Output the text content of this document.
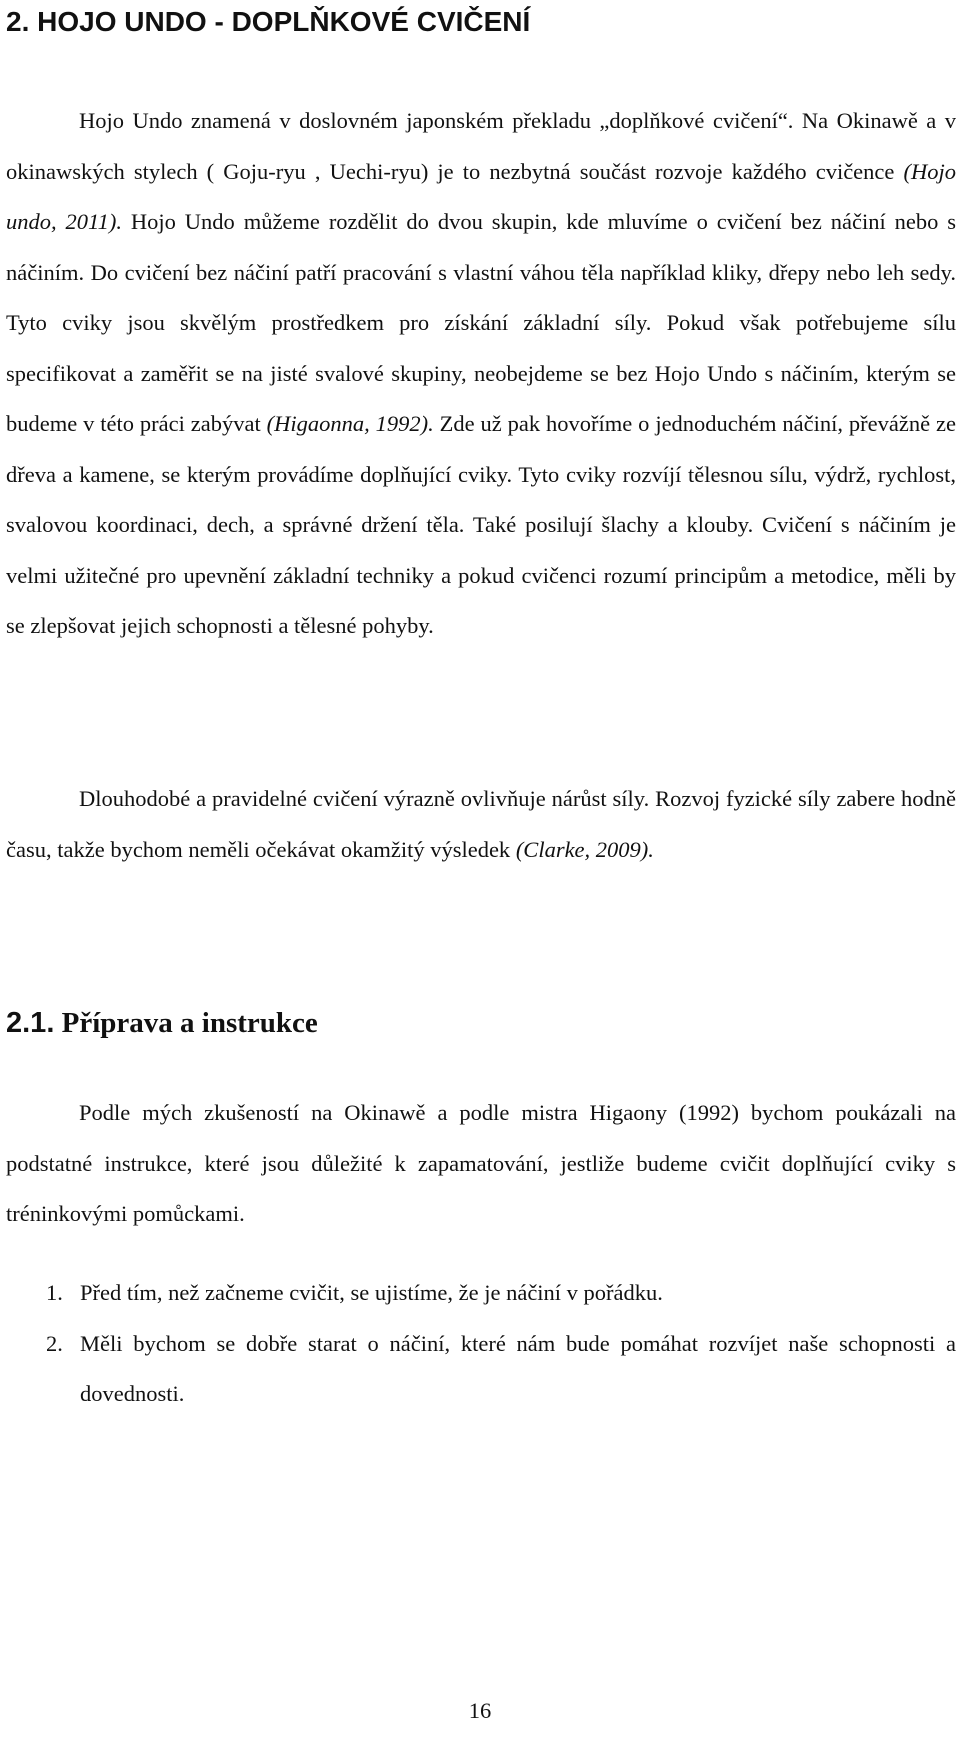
2. HOJO UNDO - DOPLŇKOVÉ CVIČENÍ

Hojo Undo znamená v doslovném japonském překladu „doplňkové cvičení“. Na Okinawě a v okinawských stylech ( Goju-ryu , Uechi-ryu) je to nezbytná součást rozvoje každého cvičence (Hojo undo, 2011). Hojo Undo můžeme rozdělit do dvou skupin, kde mluvíme o cvičení bez náčiní nebo s náčiním. Do cvičení bez náčiní patří pracování s vlastní váhou těla například kliky, dřepy nebo leh sedy. Tyto cviky jsou skvělým prostředkem pro získání základní síly. Pokud však potřebujeme sílu specifikovat a zaměřit se na jisté svalové skupiny, neobejdeme se bez Hojo Undo s náčiním, kterým se budeme v této práci zabývat (Higaonna, 1992). Zde už pak hovoříme o jednoduchém náčiní, převážně ze dřeva a kamene, se kterým provádíme doplňující cviky. Tyto cviky rozvíjí tělesnou sílu, výdrž, rychlost, svalovou koordinaci, dech, a správné držení těla. Také posilují šlachy a klouby. Cvičení s náčiním je velmi užitečné pro upevnění základní techniky a pokud cvičenci rozumí principům a metodice, měli by se zlepšovat jejich schopnosti a tělesné pohyby.

Dlouhodobé a pravidelné cvičení výrazně ovlivňuje nárůst síly. Rozvoj fyzické síly zabere hodně času, takže bychom neměli očekávat okamžitý výsledek (Clarke, 2009).

2.1. Příprava a instrukce

Podle mých zkušeností na Okinawě a podle mistra Higaony (1992) bychom poukázali na podstatné instrukce, které jsou důležité k zapamatování, jestliže budeme cvičit doplňující cviky s tréninkovými pomůckami.

1. Před tím, než začneme cvičit, se ujistíme, že je náčiní v pořádku.
2. Měli bychom se dobře starat o náčiní, které nám bude pomáhat rozvíjet naše schopnosti a dovednosti.
16
